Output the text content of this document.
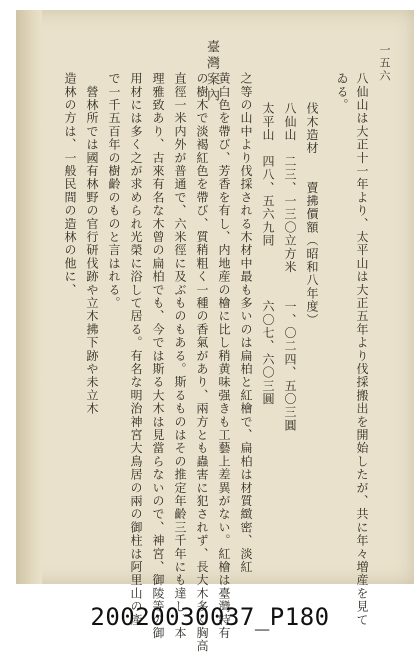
一五六
臺灣案內	八仙山は大正十一年より、太平山は大正五年より伐採搬出を開始したが、共に年々増産を見て
ゐる。
伐木造材　　賣拂價額（昭和八年度）
八仙山　二三、一三〇立方米　　一、〇二四、五〇三圓
太平山　四八、五六九同　　　　六〇七、六〇三圓
之等の山中より伐採される木材中最も多いのは扁柏と紅檜で、扁柏は材質緻密、淡紅
黄白色を帶び、芳香を有し、内地産の檜に比し稍黄味强きも工藝上差異がない。紅檜は臺灣特有
の樹木で淡褐紅色を帶び、質稍粗く一種の香氣があり、兩方とも蟲害に犯されず、長大木多く胸高
直徑一米内外が普通で、六米徑に及ぶものもある。斯るものはその推定年齡三千年にも達し、本
理雅致あり、古來有名な木曾の扁柏でも、今では斯る大木は見當らないので、神宮、御陵等の御
用材には多く之が求められ光榮に浴して居る。有名な明治神宮大鳥居の兩の御柱は阿里山の產
で一千五百年の樹齡のものと言はれる。
　營林所では國有林野の官行研伐跡や立木拂下跡や未立木
造林の方は、一般民間の造林の他に、
20020030037_P180
